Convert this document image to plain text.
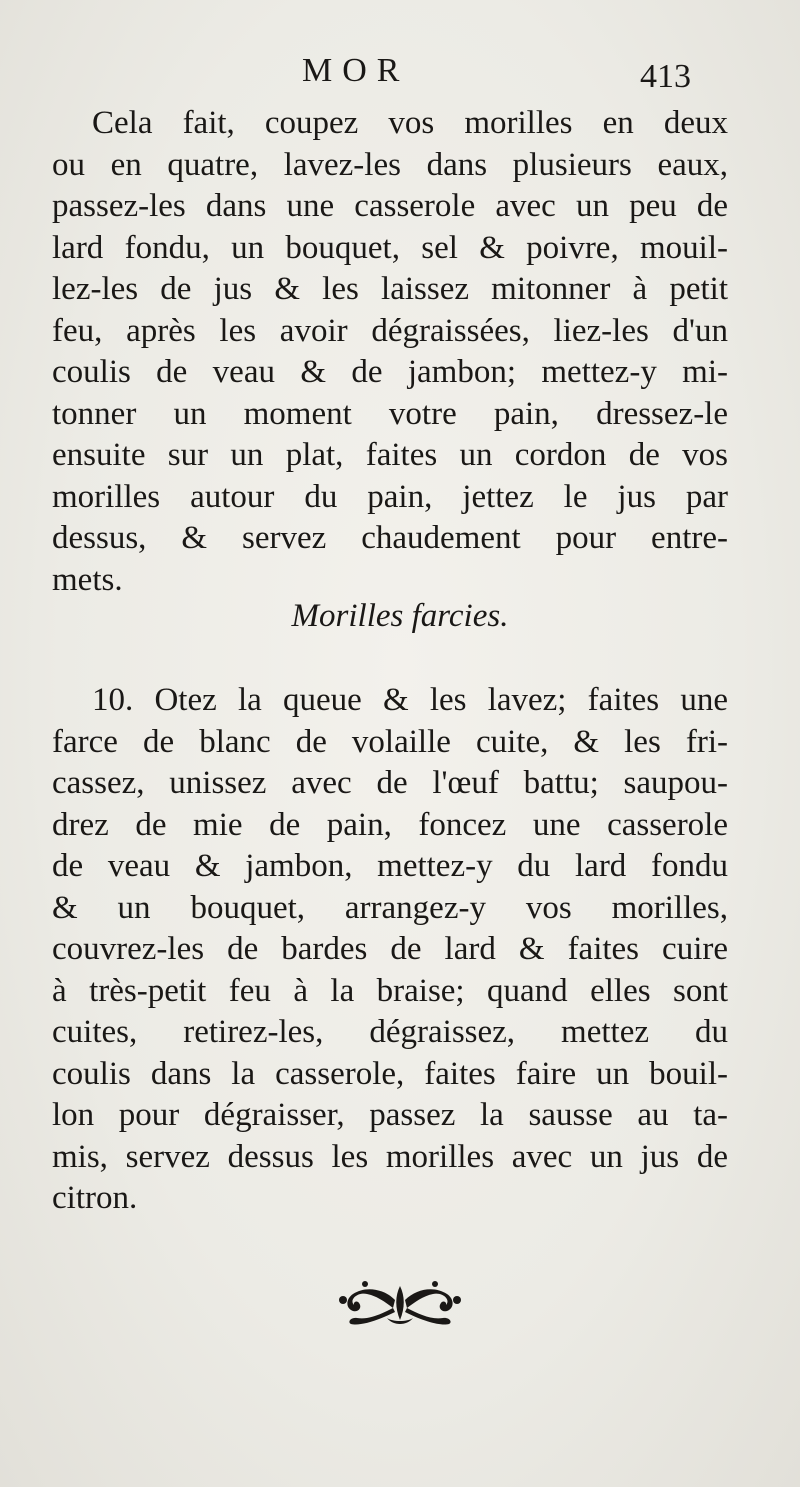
MOR	413
Cela fait, coupez vos morilles en deux
ou en quatre, lavez-les dans plusieurs eaux,
passez-les dans une casserole avec un peu de
lard fondu, un bouquet, sel & poivre, mouil-
lez-les de jus & les laissez mitonner à petit
feu, après les avoir dégraissées, liez-les d'un
coulis de veau & de jambon; mettez-y mi-
tonner un moment votre pain, dressez-le
ensuite sur un plat, faites un cordon de vos
morilles autour du pain, jettez le jus par
dessus, & servez chaudement pour entre-
mets.
Morilles farcies.
10. Otez la queue & les lavez; faites une
farce de blanc de volaille cuite, & les fri-
cassez, unissez avec de l'œuf battu; saupou-
drez de mie de pain, foncez une casserole
de veau & jambon, mettez-y du lard fondu
& un bouquet, arrangez-y vos morilles,
couvrez-les de bardes de lard & faites cuire
à très-petit feu à la braise; quand elles sont
cuites, retirez-les, dégraissez, mettez du
coulis dans la casserole, faites faire un bouil-
lon pour dégraisser, passez la sausse au ta-
mis, servez dessus les morilles avec un jus de
citron.
